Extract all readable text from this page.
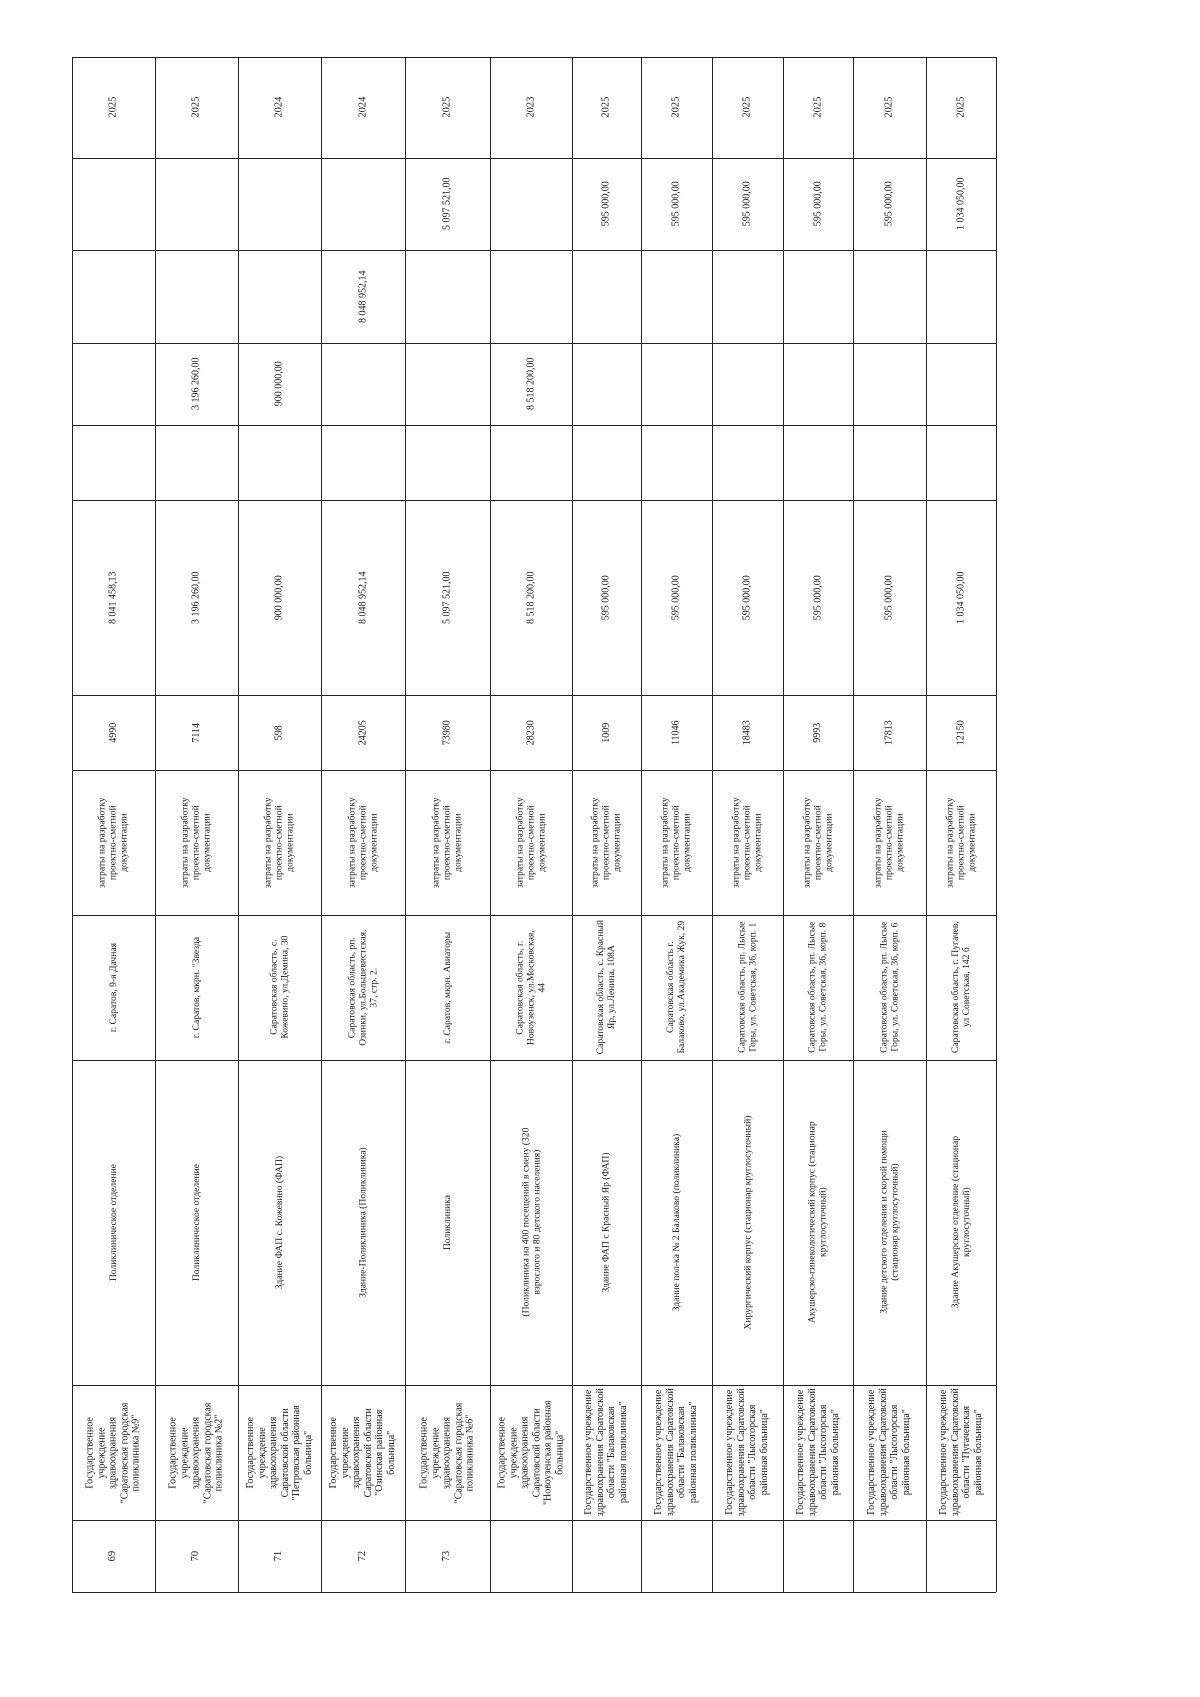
69
Государственное
учреждение
здравоохранения
"Саратовская городская
поликлиника №9"
Поликлиническое отделение
г. Саратов, 9-я Дачная
затраты на разработку
проектно-сметной
документации
4990
8 041 458,13
2025
70
Государственное
учреждение
здравоохранения
"Саратовская городская
поликлиника №2"
Поликлиническое отделение
г. Саратов, мкрн. "Звезда
затраты на разработку
проектно-сметной
документации
7114
3 196 260,00
3 196 260,00
2025
71
Государственное
учреждение
здравоохранения
Саратовской области
"Петровская районная
больница"
Здание ФАП с. Кожевино (ФАП)
Саратовская область, с.
Кожевино, ул.Демина, 30
затраты на разработку
проектно-сметной
документации
598
900 000,00
900 000,00
2024
72
Государственное
учреждение
здравоохранения
Саратовской области
"Озинская районная
больница"
Здание-Поликлиника (Поликлиника)
Саратовская область, рп.
Озинки, ул.Большевистская,
37, стр. 2.
затраты на разработку
проектно-сметной
документации
24205
8 048 952,14
8 048 952,14
2024
73
Государственное
учреждение
здравоохранения
"Саратовская городская
поликлиника №6"
Поликлиника
г. Саратов, мкрн. Авиаторы
затраты на разработку
проектно-сметной
документации
73980
5 097 521,00
5 097 521,00
2025
Государственное
учреждение
здравоохранения
Саратовской области
"Новоузенская районная
больница"
(Поликлиника на 400 посещений в смену (320
взрослого и 80 детского населения)
Саратовская область, г.
Новоузенск, ул.Московская,
44
затраты на разработку
проектно-сметной
документации
28230
8 518 200,00
8 518 200,00
2023
Государственное учреждение
здравоохранения Саратовской
области "Балаковская
районная поликлиника"
Здание ФАП с Красный Яр (ФАП)
Саратовская область, с. Красный
Яр, ул.Ленина, 108А
затраты на разработку
проектно-сметной
документации
1009
595 000,00
595 000,00
2025
Государственное учреждение
здравоохранения Саратовской
области "Балаковская
районная поликлиника"
Здание пол-ка № 2 Балаково (поликлиника)
Саратовская область г.
Балаково, ул.Академика Жук, 29
затраты на разработку
проектно-сметной
документации
11046
595 000,00
595 000,00
2025
Государственное учреждение
здравоохранения Саратовской
области "Лысогорская
районная больница"
Хирургический корпус (стационар круглосуточный)
Саратовская область, рп. Лысые
Горы, ул. Советская, 36, корп. 1
затраты на разработку
проектно-сметной
документации
18483
595 000,00
595 000,00
2025
Государственное учреждение
здравоохранения Саратовской
области "Лысогорская
районная больница"
Акушерско-гинекологический корпус (стационар
круглосуточный)
Саратовская область, рп. Лысые
Горы, ул. Советская, 36, корп. 8
затраты на разработку
проектно-сметной
документации
9993
595 000,00
595 000,00
2025
Государственное учреждение
здравоохранения Саратовской
области "Лысогорская
районная больница"
Здание детского отделения и скорой помощи
(стационар круглосуточный)
Саратовская область, рп. Лысые
Горы, ул. Советская, 36, корп. 6
затраты на разработку
проектно-сметной
документации
17813
595 000,00
595 000,00
2025
Государственное учреждение
здравоохранения Саратовской
области "Пугачевская
районная больница"
Здание Акушерское отделение (стационар
круглосуточный)
Саратовская область, г. Пугачев,
ул Советская, 142 б
затраты на разработку
проектно-сметной
документации
12150
1 034 050,00
1 034 050,00
2025
